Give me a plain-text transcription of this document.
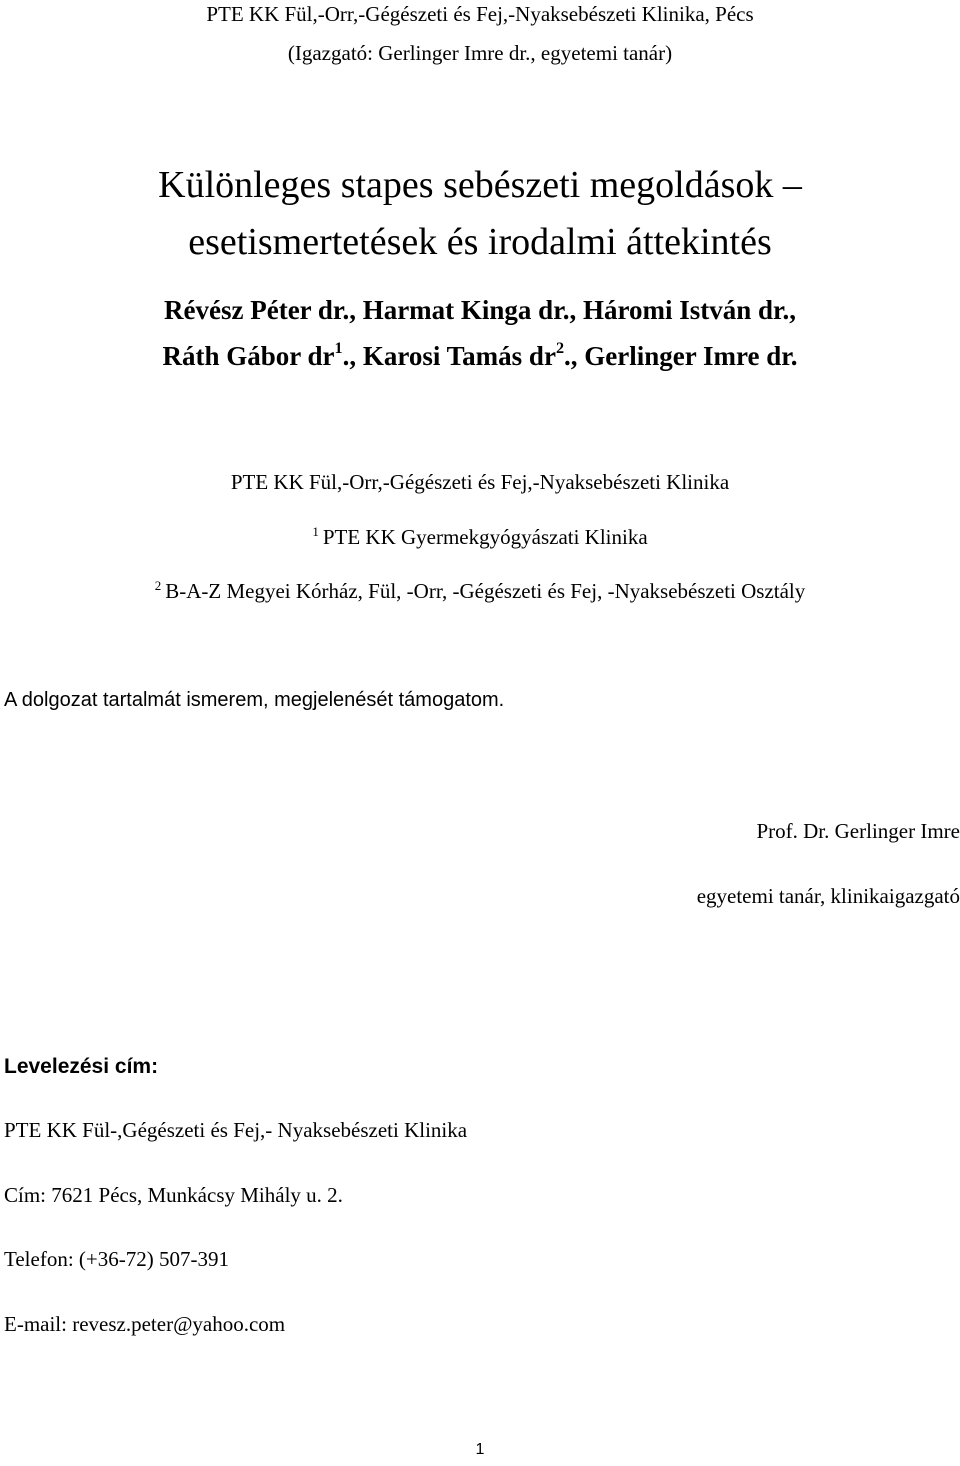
PTE KK Fül,-Orr,-Gégészeti és Fej,-Nyaksebészeti Klinika, Pécs
(Igazgató: Gerlinger Imre dr., egyetemi tanár)
Különleges stapes sebészeti megoldások –
esetismertetések és irodalmi áttekintés
Révész Péter dr., Harmat Kinga dr., Háromi István dr.,
Ráth Gábor $dr^1$., Karosi Tamás $dr^2$., Gerlinger Imre dr.
PTE KK Fül,-Orr,-Gégészeti és Fej,-Nyaksebészeti Klinika
$^1$ PTE KK Gyermekgyógyászati Klinika
$^2$ B-A-Z Megyei Kórház, Fül, -Orr, -Gégészeti és Fej, -Nyaksebészeti Osztály
A dolgozat tartalmát ismerem, megjelenését támogatom.
Prof. Dr. Gerlinger Imre
egyetemi tanár, klinikaigazgató
Levelezési cím:
PTE KK Fül-,Gégészeti és Fej,- Nyaksebészeti Klinika
Cím: 7621 Pécs, Munkácsy Mihály u. 2.
Telefon: (+36-72) 507-391
E-mail: revesz.peter@yahoo.com
1
